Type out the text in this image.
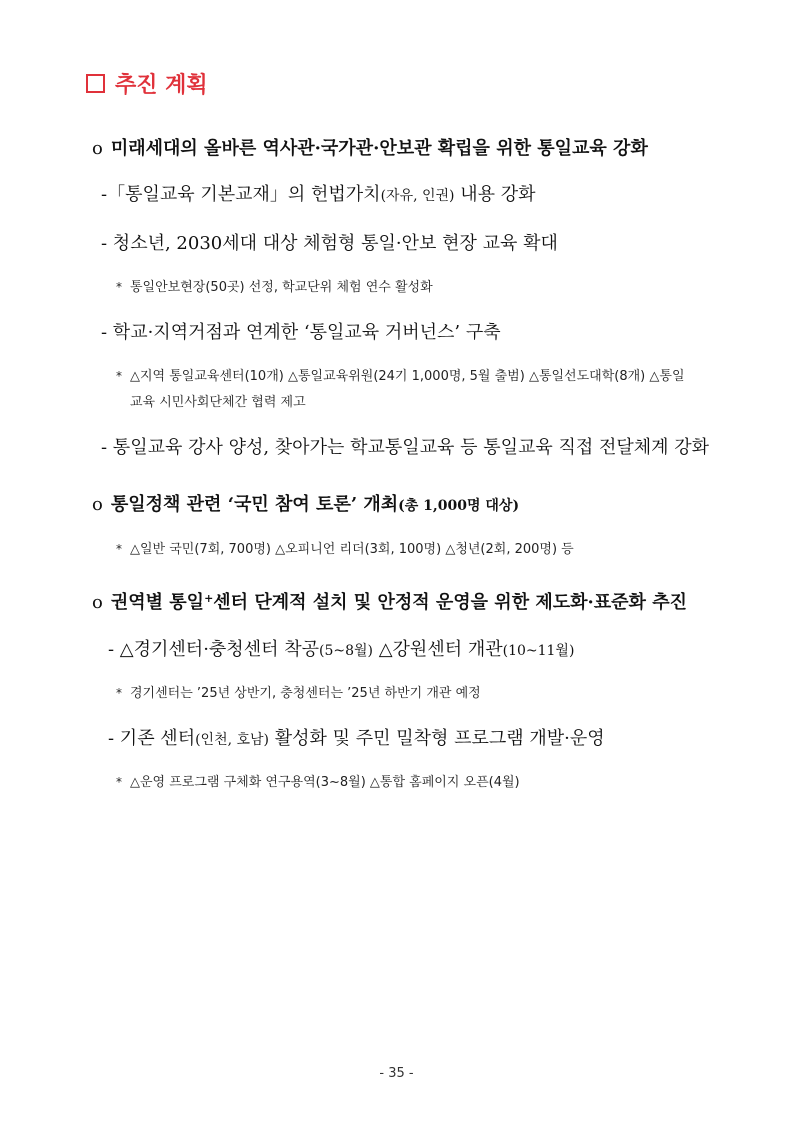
추진 계획
o 미래세대의 올바른 역사관·국가관·안보관 확립을 위한 통일교육 강화
-「통일교육 기본교재」의 헌법가치(자유, 인권) 내용 강화
- 청소년, 2030세대 대상 체험형 통일·안보 현장 교육 확대
* 통일안보현장(50곳) 선정, 학교단위 체험 연수 활성화
- 학교·지역거점과 연계한 ‘통일교육 거버넌스’ 구축
* △지역 통일교육센터(10개) △통일교육위원(24기 1,000명, 5월 출범) △통일선도대학(8개) △통일
교육 시민사회단체간 협력 제고
- 통일교육 강사 양성, 찾아가는 학교통일교육 등 통일교육 직접 전달체계 강화
o 통일정책 관련 ‘국민 참여 토론’ 개최(총 1,000명 대상)
* △일반 국민(7회, 700명) △오피니언 리더(3회, 100명) △청년(2회, 200명) 등
o 권역별 통일+센터 단계적 설치 및 안정적 운영을 위한 제도화·표준화 추진
- △경기센터·충청센터 착공(5~8월) △강원센터 개관(10~11월)
* 경기센터는 ’25년 상반기, 충청센터는 ’25년 하반기 개관 예정
- 기존 센터(인천, 호남) 활성화 및 주민 밀착형 프로그램 개발·운영
* △운영 프로그램 구체화 연구용역(3~8월) △통합 홈페이지 오픈(4월)
- 35 -
